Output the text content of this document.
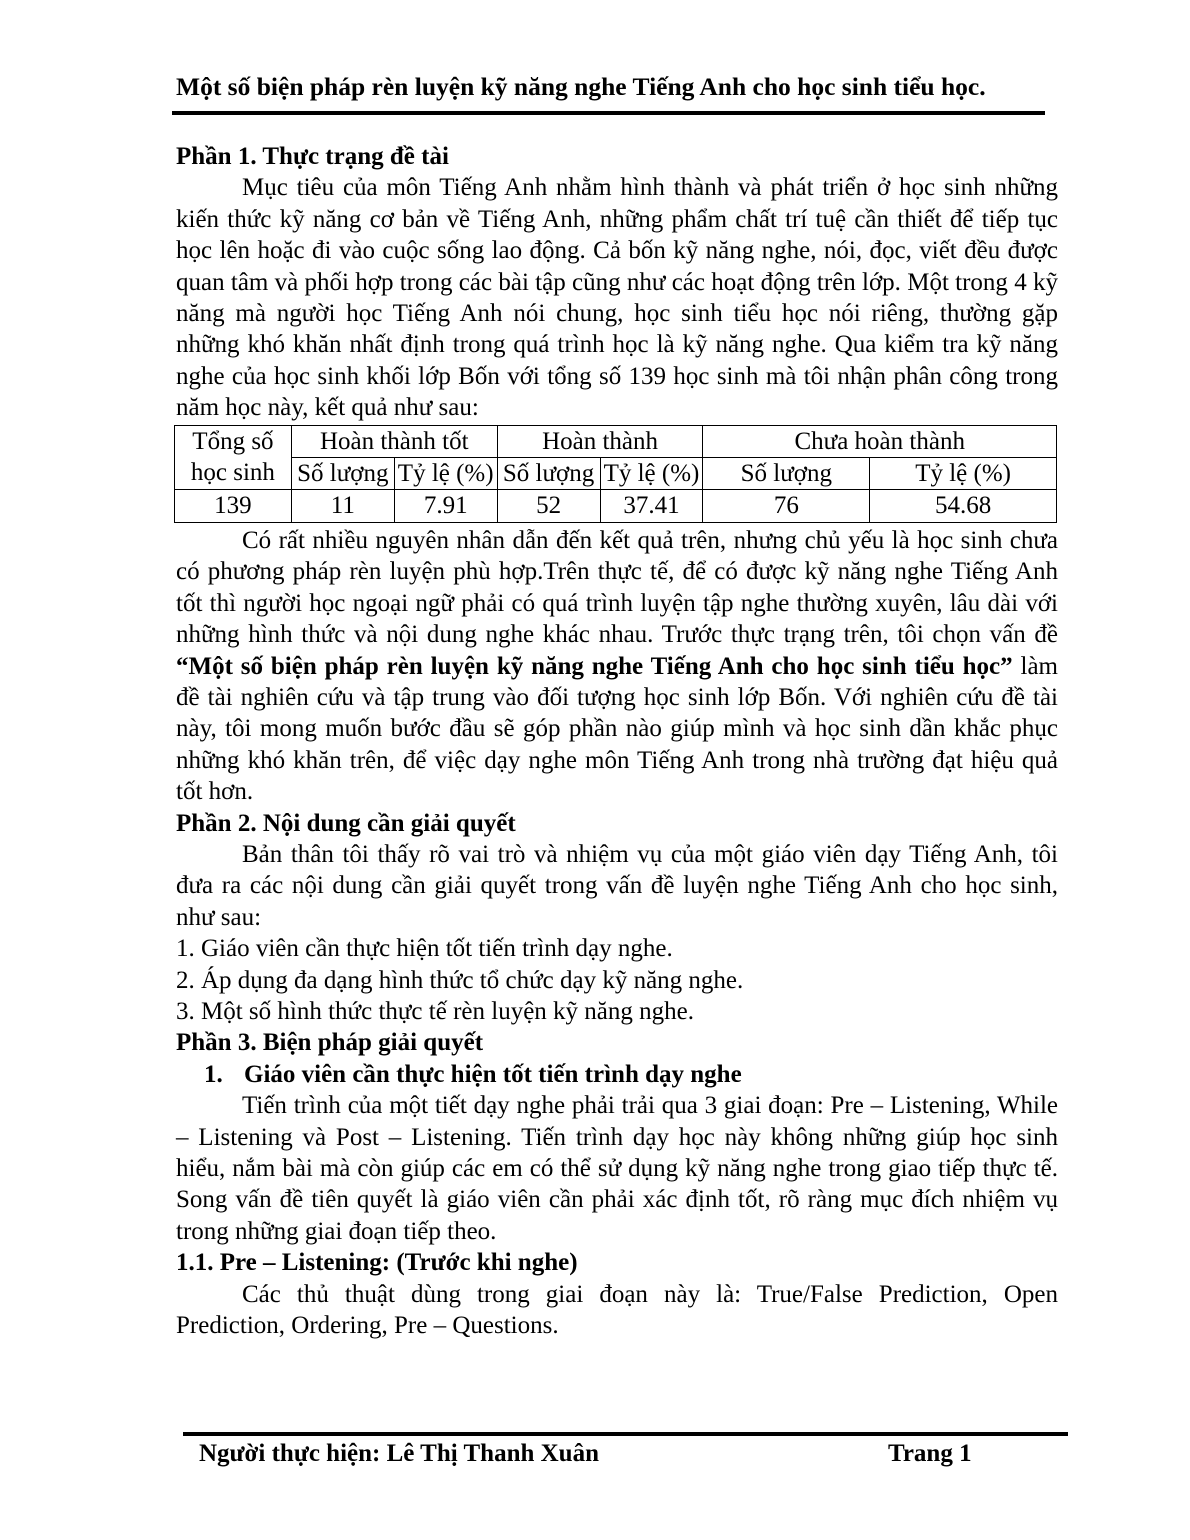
Một số biện pháp rèn luyện kỹ năng nghe Tiếng Anh cho học sinh tiểu học.

Phần 1. Thực trạng đề tài

Mục tiêu của môn Tiếng Anh nhằm hình thành và phát triển ở học sinh những kiến thức kỹ năng cơ bản về Tiếng Anh, những phẩm chất trí tuệ cần thiết để tiếp tục học lên hoặc đi vào cuộc sống lao động. Cả bốn kỹ năng nghe, nói, đọc, viết đều được quan tâm và phối hợp trong các bài tập cũng như các hoạt động trên lớp. Một trong 4 kỹ năng mà người học Tiếng Anh nói chung, học sinh tiểu học nói riêng, thường gặp những khó khăn nhất định trong quá trình học là kỹ năng nghe. Qua kiểm tra kỹ năng nghe của học sinh khối lớp Bốn với tổng số 139 học sinh mà tôi nhận phân công trong năm học này, kết quả như sau:

Tổng số học sinh	Hoàn thành tốt		Hoàn thành		Chưa hoàn thành	
	Số lượng	Tỷ lệ (%)	Số lượng	Tỷ lệ (%)	Số lượng	Tỷ lệ (%)
139	11	7.91	52	37.41	76	54.68

Có rất nhiều nguyên nhân dẫn đến kết quả trên, nhưng chủ yếu là học sinh chưa có phương pháp rèn luyện phù hợp.Trên thực tế, để có được kỹ năng nghe Tiếng Anh tốt thì người học ngoại ngữ phải có quá trình luyện tập nghe thường xuyên, lâu dài với những hình thức và nội dung nghe khác nhau. Trước thực trạng trên, tôi chọn vấn đề “Một số biện pháp rèn luyện kỹ năng nghe Tiếng Anh cho học sinh tiểu học” làm đề tài nghiên cứu và tập trung vào đối tượng học sinh lớp Bốn. Với nghiên cứu đề tài này, tôi mong muốn bước đầu sẽ góp phần nào giúp mình và học sinh dần khắc phục những khó khăn trên, để việc dạy nghe môn Tiếng Anh trong nhà trường đạt hiệu quả tốt hơn.

Phần 2. Nội dung cần giải quyết

Bản thân tôi thấy rõ vai trò và nhiệm vụ của một giáo viên dạy Tiếng Anh, tôi đưa ra các nội dung cần giải quyết trong vấn đề luyện nghe Tiếng Anh cho học sinh, như sau:

1. Giáo viên cần thực hiện tốt tiến trình dạy nghe.

2. Áp dụng đa dạng hình thức tổ chức dạy kỹ năng nghe.

3. Một số hình thức thực tế rèn luyện kỹ năng nghe.

Phần 3. Biện pháp giải quyết

1. Giáo viên cần thực hiện tốt tiến trình dạy nghe

Tiến trình của một tiết dạy nghe phải trải qua 3 giai đoạn: Pre – Listening, While – Listening và Post – Listening. Tiến trình dạy học này không những giúp học sinh hiểu, nắm bài mà còn giúp các em có thể sử dụng kỹ năng nghe trong giao tiếp thực tế. Song vấn đề tiên quyết là giáo viên cần phải xác định tốt, rõ ràng mục đích nhiệm vụ trong những giai đoạn tiếp theo.

1.1. Pre – Listening: (Trước khi nghe)

Các thủ thuật dùng trong giai đoạn này là: True/False Prediction, Open Prediction, Ordering, Pre – Questions.

Người thực hiện: Lê Thị Thanh Xuân	Trang 1
